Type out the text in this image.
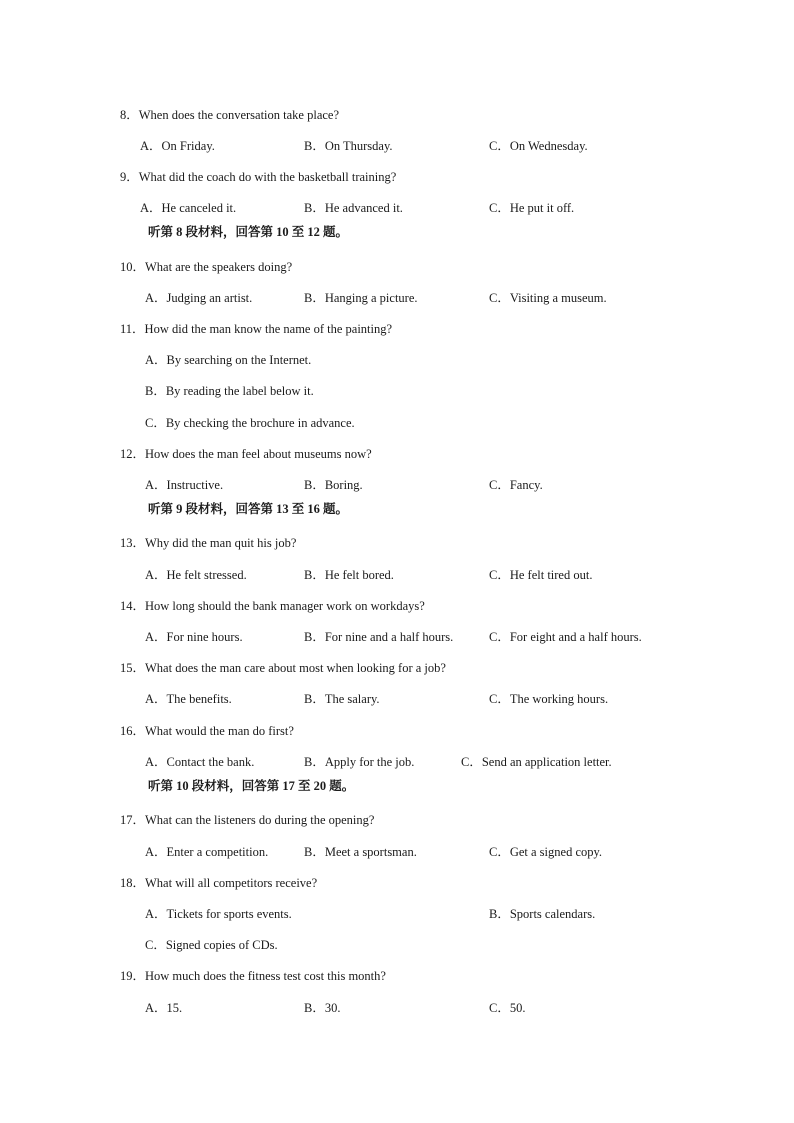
8．When does the conversation take place?
A．On Friday.	B．On Thursday.	C．On Wednesday.
9．What did the coach do with the basketball training?
A．He canceled it.	B．He advanced it.	C．He put it off.
听第 8 段材料，回答第 10 至 12 题。
10．What are the speakers doing?
A．Judging an artist.	B．Hanging a picture.	C．Visiting a museum.
11．How did the man know the name of the painting?
A．By searching on the Internet.
B．By reading the label below it.
C．By checking the brochure in advance.
12．How does the man feel about museums now?
A．Instructive.	B．Boring.	C．Fancy.
听第 9 段材料，回答第 13 至 16 题。
13．Why did the man quit his job?
A．He felt stressed.	B．He felt bored.	C．He felt tired out.
14．How long should the bank manager work on workdays?
A．For nine hours.	B．For nine and a half hours.	C．For eight and a half hours.
15．What does the man care about most when looking for a job?
A．The benefits.	B．The salary.	C．The working hours.
16．What would the man do first?
A．Contact the bank.	B．Apply for the job.	C．Send an application letter.
听第 10 段材料，回答第 17 至 20 题。
17．What can the listeners do during the opening?
A．Enter a competition.	B．Meet a sportsman.	C．Get a signed copy.
18．What will all competitors receive?
A．Tickets for sports events.	B．Sports calendars.
C．Signed copies of CDs.
19．How much does the fitness test cost this month?
A．15.	B．30.	C．50.
